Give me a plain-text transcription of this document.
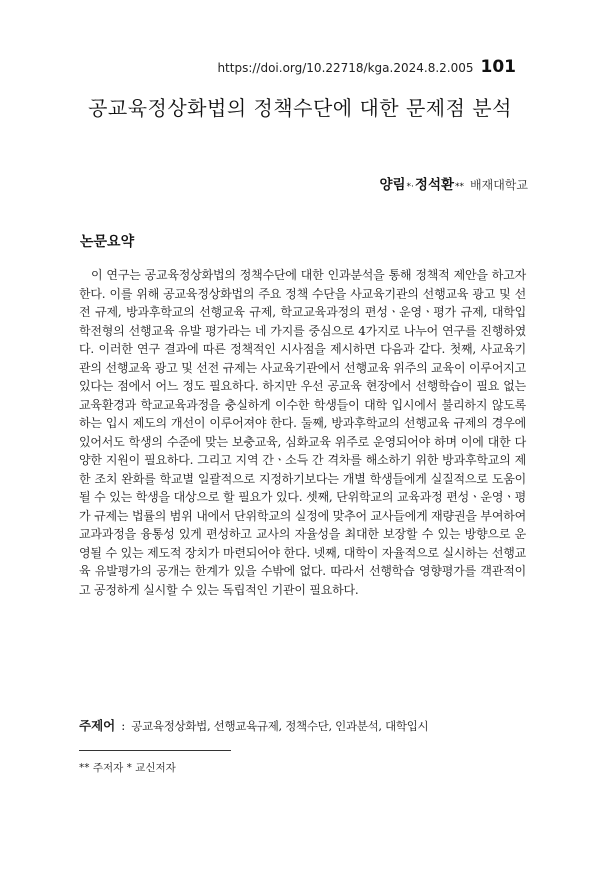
https://doi.org/10.22718/kga.2024.8.2.005 101
공교육정상화법의 정책수단에 대한 문제점 분석
양림 *· 정석환 ** 배재대학교
논문요약

이 연구는 공교육정상화법의 정책수단에 대한 인과분석을 통해 정책적 제안을 하고자 한다. 이를 위해 공교육정상화법의 주요 정책 수단을 사교육기관의 선행교육 광고 및 선전 규제, 방과후학교의 선행교육 규제, 학교교육과정의 편성ㆍ운영ㆍ평가 규제, 대학입학전형의 선행교육 유발 평가라는 네 가지를 중심으로 4가지로 나누어 연구를 진행하였다. 이러한 연구 결과에 따른 정책적인 시사점을 제시하면 다음과 같다. 첫째, 사교육기관의 선행교육 광고 및 선전 규제는 사교육기관에서 선행교육 위주의 교육이 이루어지고 있다는 점에서 어느 정도 필요하다. 하지만 우선 공교육 현장에서 선행학습이 필요 없는 교육환경과 학교교육과정을 충실하게 이수한 학생들이 대학 입시에서 불리하지 않도록 하는 입시 제도의 개선이 이루어져야 한다. 둘째, 방과후학교의 선행교육 규제의 경우에 있어서도 학생의 수준에 맞는 보충교육, 심화교육 위주로 운영되어야 하며 이에 대한 다양한 지원이 필요하다. 그리고 지역 간ㆍ소득 간 격차를 해소하기 위한 방과후학교의 제한 조치 완화를 학교별 일괄적으로 지정하기보다는 개별 학생들에게 실질적으로 도움이 될 수 있는 학생을 대상으로 할 필요가 있다. 셋째, 단위학교의 교육과정 편성ㆍ운영ㆍ평가 규제는 법률의 범위 내에서 단위학교의 실정에 맞추어 교사들에게 재량권을 부여하여 교과과정을 융통성 있게 편성하고 교사의 자율성을 최대한 보장할 수 있는 방향으로 운영될 수 있는 제도적 장치가 마련되어야 한다. 넷째, 대학이 자율적으로 실시하는 선행교육 유발평가의 공개는 한계가 있을 수밖에 없다. 따라서 선행학습 영향평가를 객관적이고 공정하게 실시할 수 있는 독립적인 기관이 필요하다.

주제어 : 공교육정상화법, 선행교육규제, 정책수단, 인과분석, 대학입시
** 주저자 * 교신저자
